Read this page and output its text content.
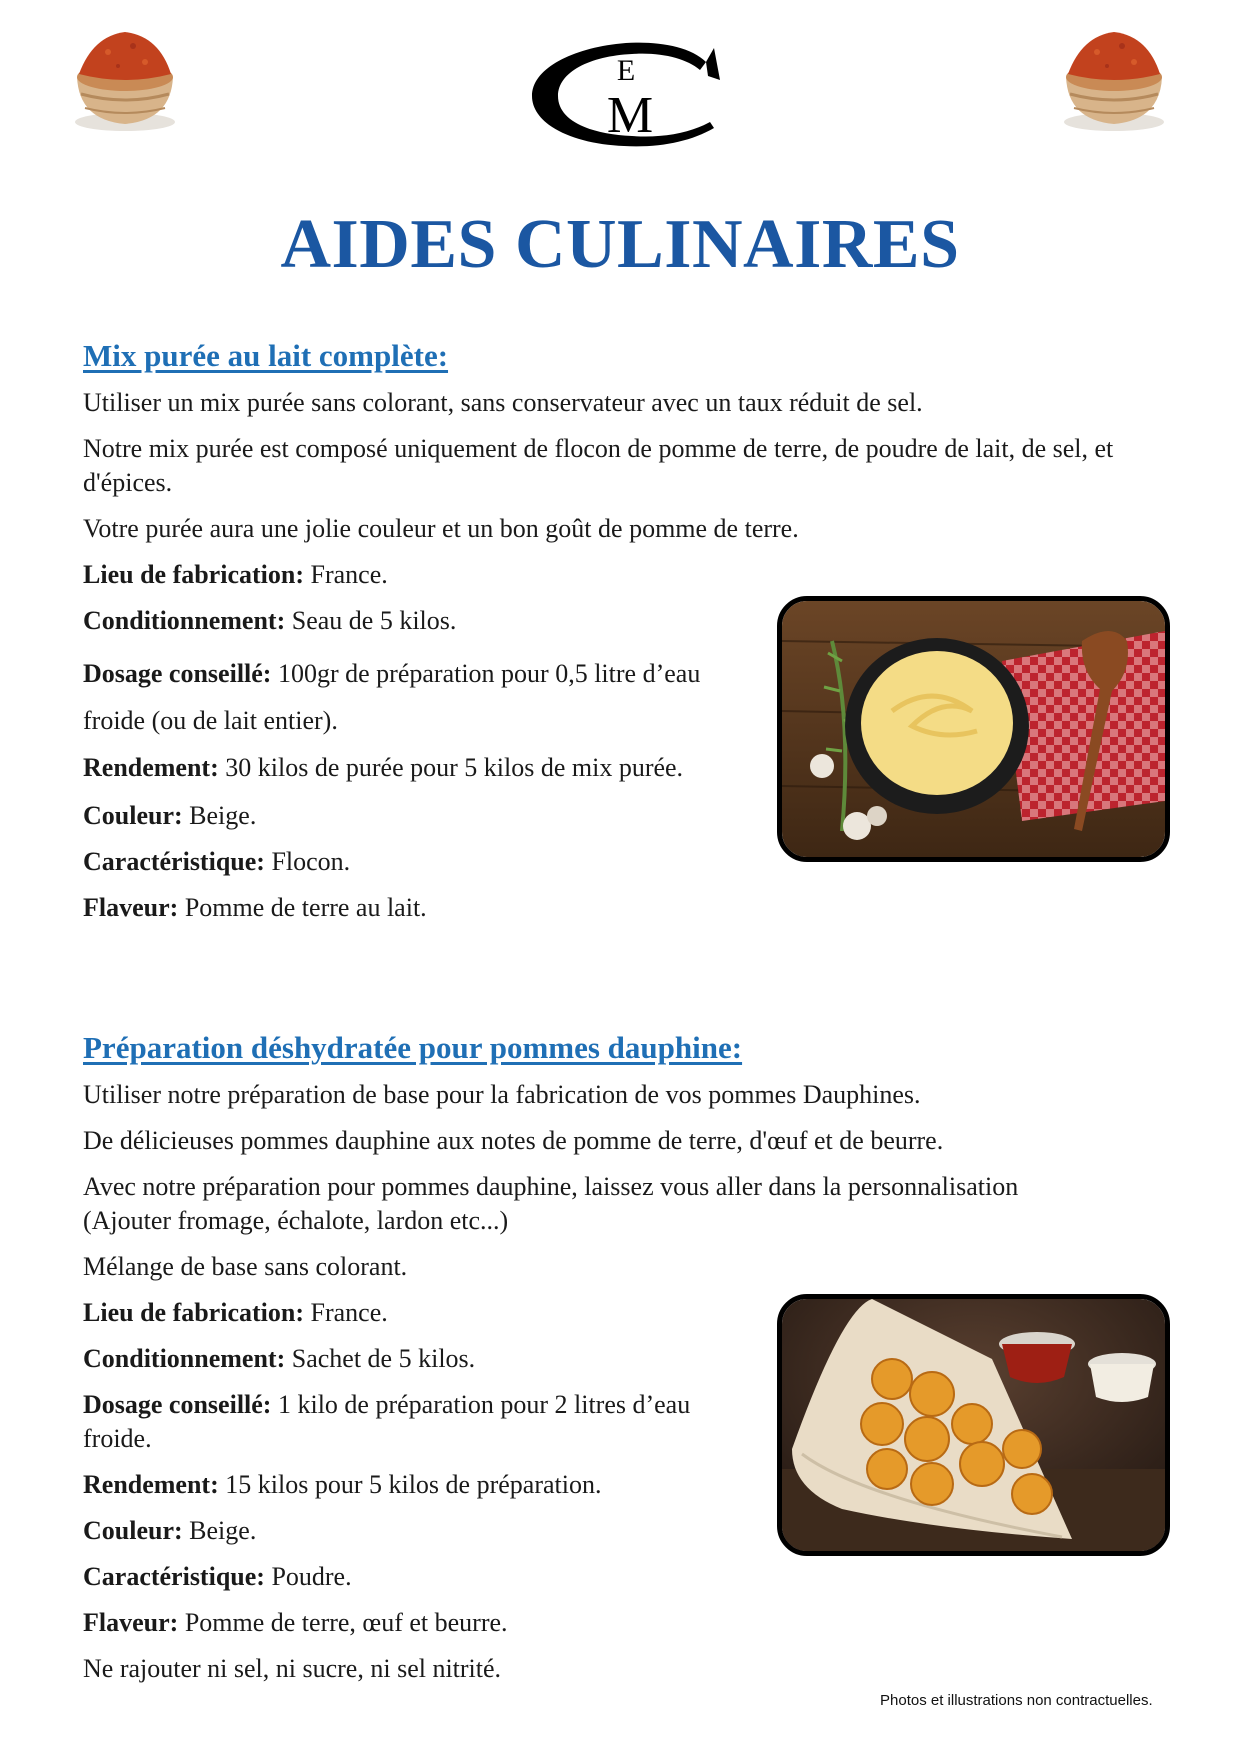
E
M
AIDES CULINAIRES
Mix purée au lait complète:

Utiliser un mix purée sans colorant, sans conservateur avec un taux réduit de sel.

Notre mix purée est composé uniquement de flocon de pomme de terre, de poudre de lait, de sel, et d'épices.

Votre purée aura une jolie couleur et un bon goût de pomme de terre.

Lieu de fabrication: France.

Conditionnement: Seau de 5 kilos.

Dosage conseillé: 100gr de préparation pour 0,5 litre d’eau froide (ou de lait entier).

Rendement: 30 kilos de purée pour 5 kilos de mix purée.

Couleur: Beige.

Caractéristique: Flocon.

Flaveur: Pomme de terre au lait.

Préparation déshydratée pour pommes dauphine:

Utiliser notre préparation de base pour la fabrication de vos pommes Dauphines.

De délicieuses pommes dauphine aux notes de pomme de terre, d'œuf et de beurre.

Avec notre préparation pour pommes dauphine, laissez vous aller dans la personnalisation (Ajouter fromage, échalote, lardon etc...)

Mélange de base sans colorant.

Lieu de fabrication: France.

Conditionnement: Sachet de 5 kilos.

Dosage conseillé: 1 kilo de préparation pour 2 litres d’eau froide.

Rendement: 15 kilos pour 5 kilos de préparation.

Couleur: Beige.

Caractéristique: Poudre.

Flaveur: Pomme de terre, œuf et beurre.

Ne rajouter ni sel, ni sucre, ni sel nitrité.

Photos et illustrations non contractuelles.
